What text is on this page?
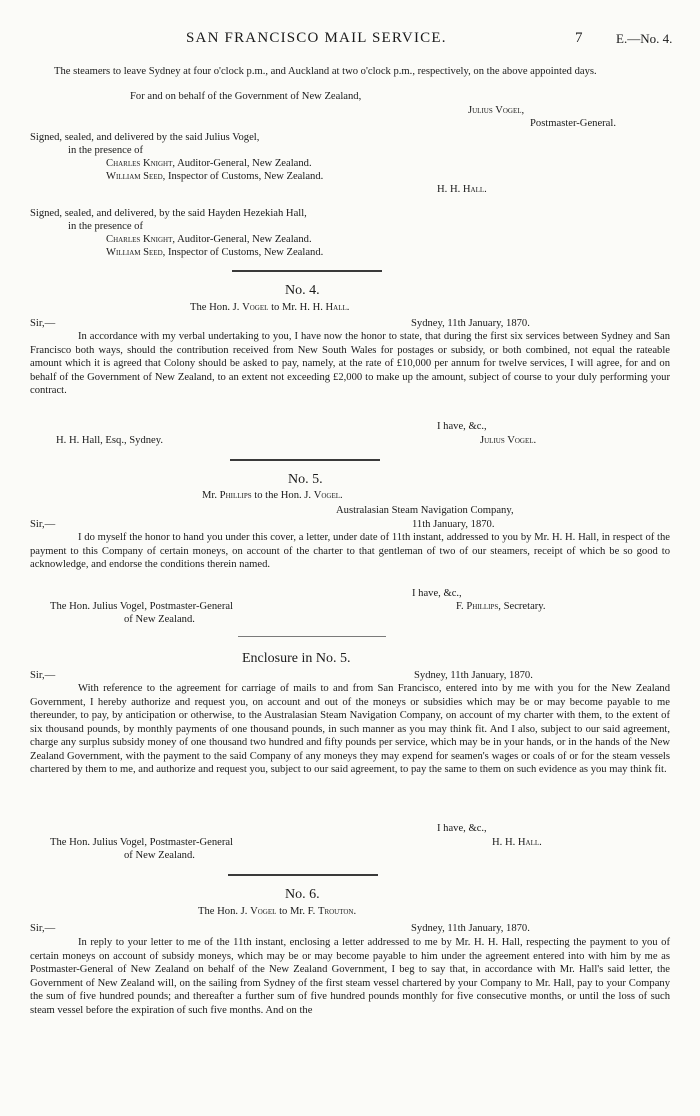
SAN FRANCISCO MAIL SERVICE.	7	E.—No. 4.
The steamers to leave Sydney at four o'clock p.m., and Auckland at two o'clock p.m., respectively, on the above appointed days.
For and on behalf of the Government of New Zealand,
Julius Vogel,
Postmaster-General.
Signed, sealed, and delivered by the said Julius Vogel,
in the presence of
Charles Knight, Auditor-General, New Zealand.
William Seed, Inspector of Customs, New Zealand.
H. H. Hall.
Signed, sealed, and delivered, by the said Hayden Hezekiah Hall,
in the presence of
Charles Knight, Auditor-General, New Zealand.
William Seed, Inspector of Customs, New Zealand.
No. 4.
The Hon. J. Vogel to Mr. H. H. Hall.
Sir,—	Sydney, 11th January, 1870.
In accordance with my verbal undertaking to you, I have now the honor to state, that during the first six services between Sydney and San Francisco both ways, should the contribution received from New South Wales for postages or subsidy, or both combined, not equal the rateable amount which it is agreed that Colony should be asked to pay, namely, at the rate of £10,000 per annum for twelve services, I will agree, for and on behalf of the Government of New Zealand, to an extent not exceeding £2,000 to make up the amount, subject of course to your duly performing your contract.
I have, &c.,
H. H. Hall, Esq., Sydney.	Julius Vogel.
No. 5.
Mr. Phillips to the Hon. J. Vogel.
Australasian Steam Navigation Company,
Sir,—	11th January, 1870.
I do myself the honor to hand you under this cover, a letter, under date of 11th instant, addressed to you by Mr. H. H. Hall, in respect of the payment to this Company of certain moneys, on account of the charter to that gentleman of two of our steamers, receipt of which be so good to acknowledge, and endorse the conditions therein named.
I have, &c.,
The Hon. Julius Vogel, Postmaster-General	F. Phillips, Secretary.
of New Zealand.
Enclosure in No. 5.
Sir,—	Sydney, 11th January, 1870.
With reference to the agreement for carriage of mails to and from San Francisco, entered into by me with you for the New Zealand Government, I hereby authorize and request you, on account and out of the moneys or subsidies which may be or may become payable to me thereunder, to pay, by anticipation or otherwise, to the Australasian Steam Navigation Company, on account of my charter with them, to the extent of six thousand pounds, by monthly payments of one thousand pounds, in such manner as you may think fit. And I also, subject to our said agreement, charge any surplus subsidy money of one thousand two hundred and fifty pounds per service, which may be in your hands, or in the hands of the New Zealand Government, with the payment to the said Company of any moneys they may expend for seamen's wages or coals of or for the steam vessels chartered by them to me, and authorize and request you, subject to our said agreement, to pay the same to them on such evidence as you may think fit.
I have, &c.,
The Hon. Julius Vogel, Postmaster-General	H. H. Hall.
of New Zealand.
No. 6.
The Hon. J. Vogel to Mr. F. Trouton.
Sir,—	Sydney, 11th January, 1870.
In reply to your letter to me of the 11th instant, enclosing a letter addressed to me by Mr. H. H. Hall, respecting the payment to you of certain moneys on account of subsidy moneys, which may be or may become payable to him under the agreement entered into with him by me as Postmaster-General of New Zealand on behalf of the New Zealand Government, I beg to say that, in accordance with Mr. Hall's said letter, the Government of New Zealand will, on the sailing from Sydney of the first steam vessel chartered by your Company to Mr. Hall, pay to your Company the sum of five hundred pounds; and thereafter a further sum of five hundred pounds monthly for five consecutive months, or until the loss of such steam vessel before the expiration of such five months. And on the
